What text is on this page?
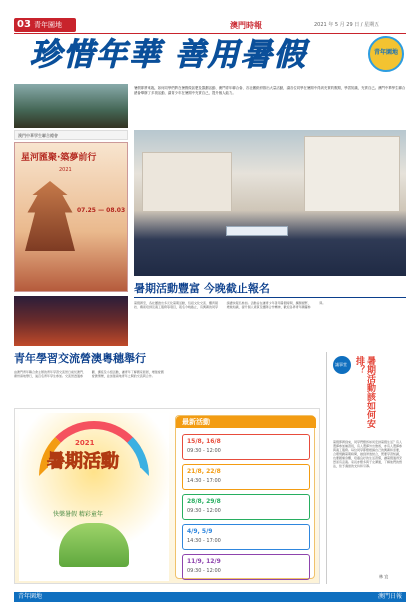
03 青年園地	澳門時報	2021 年 5 月 29 日 / 星期五
珍惜年華 善用暑假	青年園地
澳門中華學生聯合總會
星河匯聚·築夢前行
2021
07.25 — 08.03
暑假即將來臨，如何同學們將在暑假做甚麼及籌劃活動、澳門青年聯合會、各社團紛紛推出大量活動，讓各位同學在暑期中得到充實的假期，學習知識，充實自己。澳門中華學生聯合總會舉辦了多項活動，讓青少年在暑期中充實自己，提升個人能力。
暑期活動豐富 今晚截止報名
暑假將至，各社團推出多元化暑期活動，包括文化交流、體育競技、藝術培訓及義工服務等項目，報名今晚截止，有興趣的同學請盡快報名參加。活動旨在讓青少年善用暑假時間，擴闊視野，增進知識，提升個人素質及團隊合作精神，歡迎各界青年踴躍參與。
青年學習交流營澳粵穗舉行
由澳門青年聯合會主辦的青年學習交流營日前於澳門、廣州兩地舉行，逾百名青年學生參加。交流營透過參觀、講座及小組活動，讓青年了解國家發展，增強愛國愛澳情懷，並加強兩地青年之間的交流與合作。
2021
暑期活動
快樂暑假 精彩童年
最新活動
15/8, 16/8
09:30 - 12:00
21/8, 22/8
14:30 - 17:00
28/8, 29/8
09:30 - 12:00
4/9, 5/9
14:30 - 17:00
11/9, 12/9
09:30 - 12:00
議事堂	暑期活動該如何安排？
暑假即將到來，同學們應該如何安排暑假生活？有人選擇參加補習班，有人選擇外出旅遊，亦有人選擇參與義工服務。每位同學都應根據自己的興趣和需要，合理規劃暑期時間，做到勞逸結合，既要學習知識，也要鍛煉身體，培養良好的生活習慣，讓暑假過得充實而有意義。家長亦應多與子女溝通，了解他們的想法，給予適當的支持和引導。
林 宜
青年園地	澳門日報
